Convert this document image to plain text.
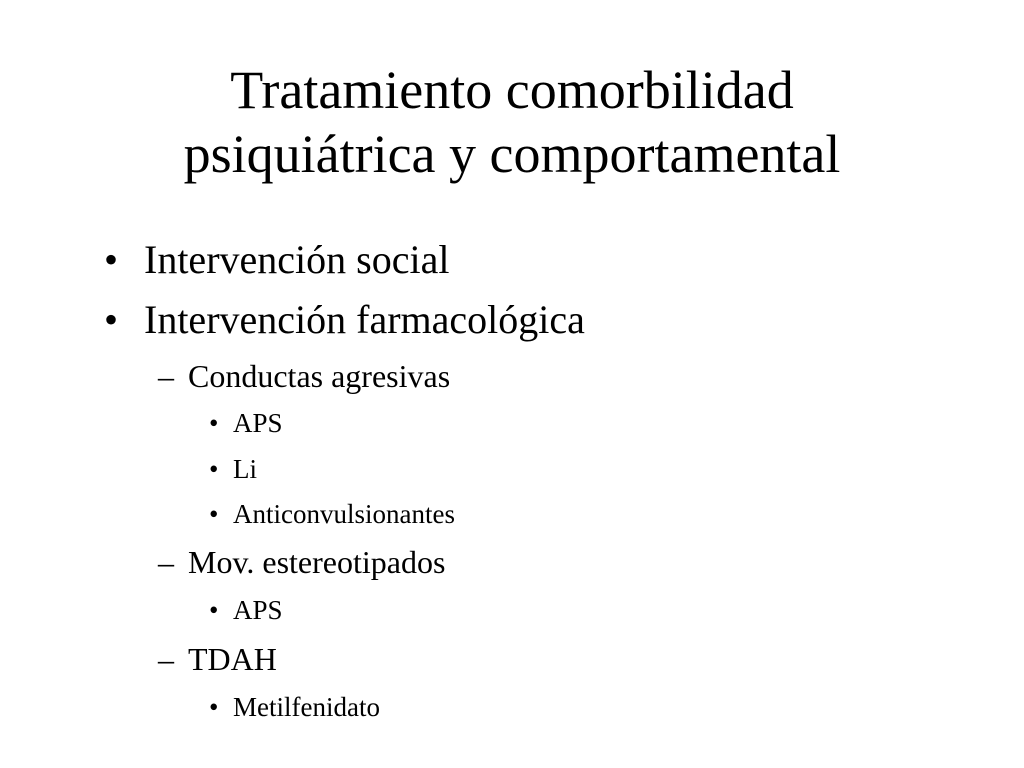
Tratamiento comorbilidad
psiquiátrica y comportamental
• Intervención social
• Intervención farmacológica
– Conductas agresivas
• APS
• Li
• Anticonvulsionantes
– Mov. estereotipados
• APS
– TDAH
• Metilfenidato
